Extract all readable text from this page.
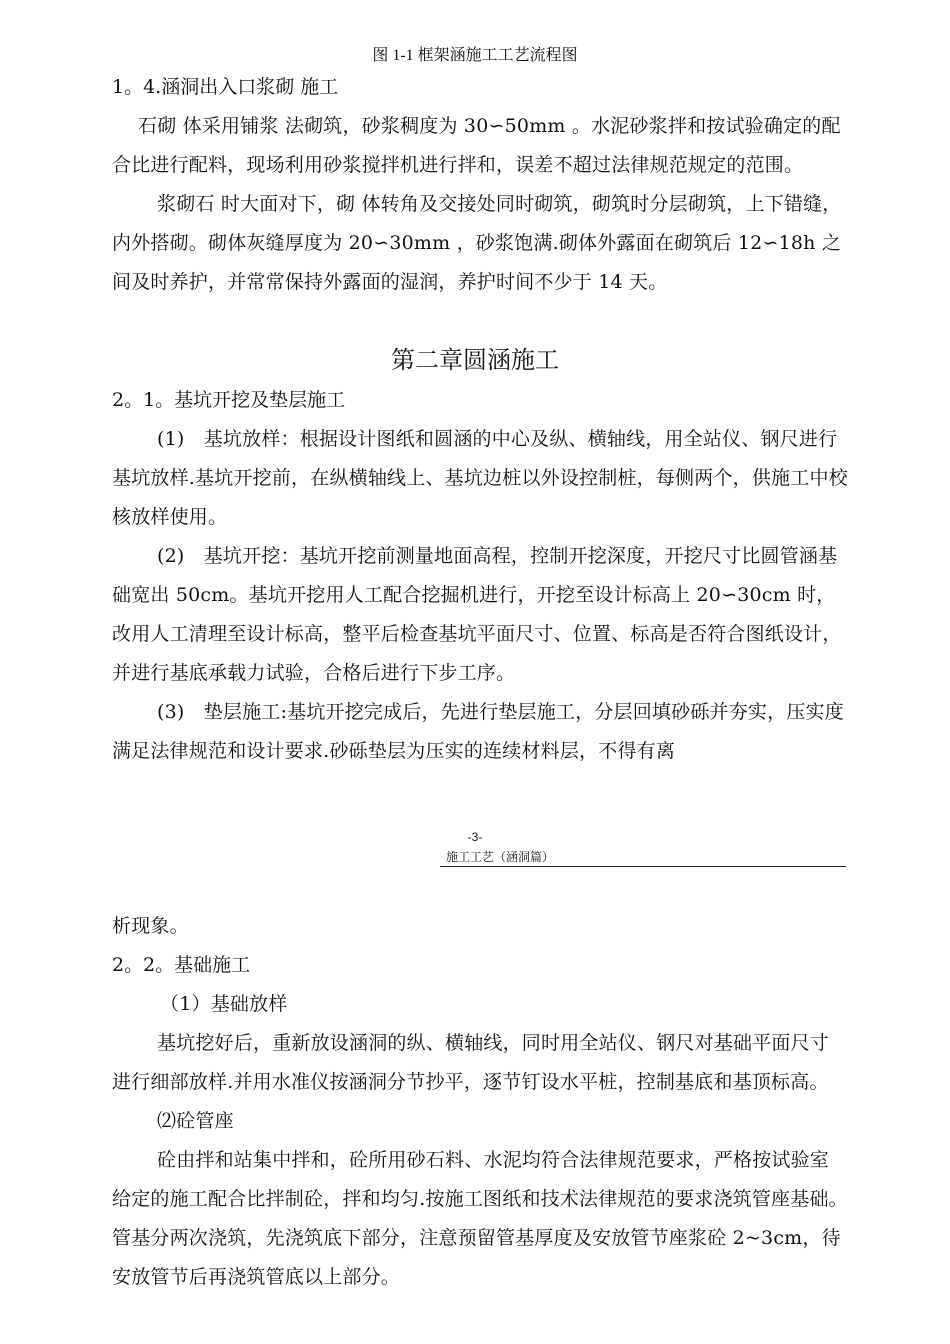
图 1-1 框架涵施工工艺流程图

1。4.涵洞出入口浆砌 施工

石砌 体采用铺浆 法砌筑，砂浆稠度为 30∽50mm 。水泥砂浆拌和按试验确定的配合比进行配料，现场利用砂浆搅拌机进行拌和，误差不超过法律规范规定的范围。

浆砌石 时大面对下，砌 体转角及交接处同时砌筑，砌筑时分层砌筑，上下错缝，内外搭砌。砌体灰缝厚度为 20∽30mm ，砂浆饱满.砌体外露面在砌筑后 12∽18h 之间及时养护，并常常保持外露面的湿润，养护时间不少于 14 天。

第二章圆涵施工

2。1。基坑开挖及垫层施工

(1)　基坑放样：根据设计图纸和圆涵的中心及纵、横轴线，用全站仪、钢尺进行基坑放样.基坑开挖前，在纵横轴线上、基坑边桩以外设控制桩，每侧两个，供施工中校核放样使用。

(2)　基坑开挖：基坑开挖前测量地面高程，控制开挖深度，开挖尺寸比圆管涵基础宽出 50cm。基坑开挖用人工配合挖掘机进行，开挖至设计标高上 20∽30cm 时，改用人工清理至设计标高，整平后检查基坑平面尺寸、位置、标高是否符合图纸设计，并进行基底承载力试验，合格后进行下步工序。

(3)　垫层施工:基坑开挖完成后，先进行垫层施工，分层回填砂砾并夯实，压实度满足法律规范和设计要求.砂砾垫层为压实的连续材料层，不得有离

-3-
施工工艺（涵洞篇）

析现象。

2。2。基础施工

（1）基础放样

基坑挖好后，重新放设涵洞的纵、横轴线，同时用全站仪、钢尺对基础平面尺寸进行细部放样.并用水准仪按涵洞分节抄平，逐节钉设水平桩，控制基底和基顶标高。

⑵砼管座

砼由拌和站集中拌和，砼所用砂石料、水泥均符合法律规范要求，严格按试验室给定的施工配合比拌制砼，拌和均匀.按施工图纸和技术法律规范的要求浇筑管座基础。管基分两次浇筑，先浇筑底下部分，注意预留管基厚度及安放管节座浆砼 2~3cm，待安放管节后再浇筑管底以上部分。
